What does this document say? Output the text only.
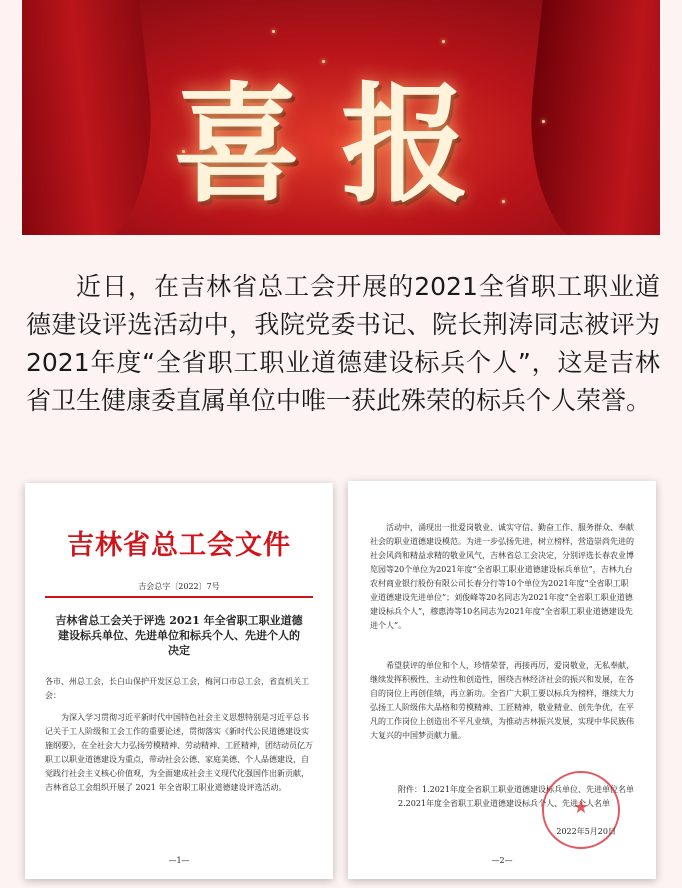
喜报
近日，在吉林省总工会开展的2021全省职工职业道德建设评选活动中，我院党委书记、院长荆涛同志被评为2021年度“全省职工职业道德建设标兵个人”，这是吉林省卫生健康委直属单位中唯一获此殊荣的标兵个人荣誉。
吉林省总工会文件
吉会总字〔2022〕7号
吉林省总工会关于评选 2021 年全省职工职业道德建设标兵单位、先进单位和标兵个人、先进个人的决定
各市、州总工会，长白山保护开发区总工会，梅河口市总工会，省直机关工会：
为深入学习贯彻习近平新时代中国特色社会主义思想特别是习近平总书记关于工人阶级和工会工作的重要论述，贯彻落实《新时代公民道德建设实施纲要》，在全社会大力弘扬劳模精神、劳动精神、工匠精神，团结动员亿万职工以职业道德建设为重点，带动社会公德、家庭美德、个人品德建设，自觉践行社会主义核心价值观，为全面建成社会主义现代化强国作出新贡献，吉林省总工会组织开展了 2021 年全省职工职业道德建设评选活动。
—1—
活动中，涌现出一批爱岗敬业、诚实守信、勤奋工作、服务群众、奉献社会的职业道德建设模范。为进一步弘扬先进，树立榜样，营造崇尚先进的社会风尚和精益求精的敬业风气，吉林省总工会决定，分别评选长春农业博览园等20个单位为2021年度“全省职工职业道德建设标兵单位”，吉林九台农村商业银行股份有限公司长春分行等10个单位为2021年度“全省职工职业道德建设先进单位”；刘俊峰等20名同志为2021年度“全省职工职业道德建设标兵个人”，穆惠涛等10名同志为2021年度“全省职工职业道德建设先进个人”。
希望获评的单位和个人，珍惜荣誉，再接再厉，爱岗敬业，无私奉献，继续发挥积极性、主动性和创造性，围绕吉林经济社会的振兴和发展，在各自的岗位上再创佳绩，再立新功。全省广大职工要以标兵为榜样，继续大力弘扬工人阶级伟大品格和劳模精神、工匠精神，敬业精业、创先争优，在平凡的工作岗位上创造出不平凡业绩，为推动吉林振兴发展，实现中华民族伟大复兴的中国梦贡献力量。
附件：1.2021年度全省职工职业道德建设标兵单位、先进单位名单
2.2021年度全省职工职业道德建设标兵个人、先进个人名单
★
2022年5月20日
—2—
